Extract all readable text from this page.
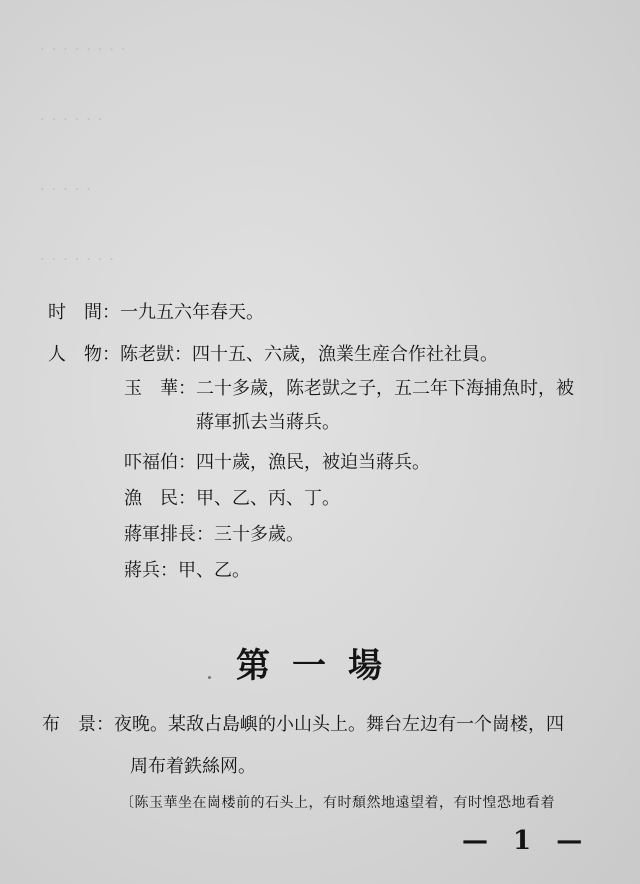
· · · · · · · ·
· · · · · ·
· · · · ·
· · · · · · ·
时　間：一九五六年春天。
人　物：陈老獃：四十五、六歲，漁業生産合作社社員。
玉　華：二十多歲，陈老獃之子，五二年下海捕魚时，被
蔣軍抓去当蔣兵。
吓福伯：四十歲，漁民，被迫当蔣兵。
漁　民：甲、乙、丙、丁。
蔣軍排長：三十多歲。
蔣兵：甲、乙。
第一場
布　景：夜晚。某敌占島嶼的小山头上。舞台左边有一个崗楼，四
周布着鉄絲网。
〔陈玉華坐在崗楼前的石头上，有时頹然地遠望着，有时惶恐地看着
— 1 —
